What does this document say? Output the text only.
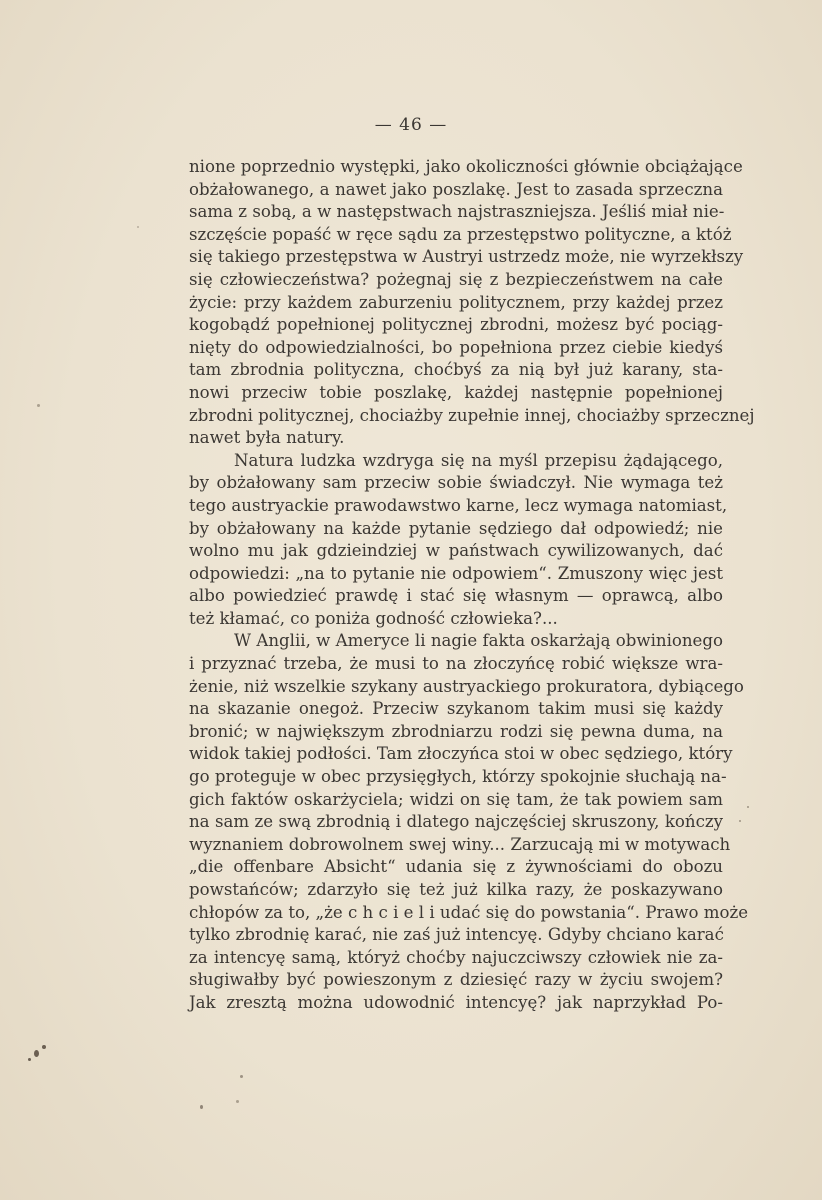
— 46 —
nione poprzednio występki, jako okoliczności głównie obciążające
obżałowanego, a nawet jako poszlakę. Jest to zasada sprzeczna
sama z sobą, a w następstwach najstraszniejsza. Jeśliś miał nie-
szczęście popaść w ręce sądu za przestępstwo polityczne, a któż
się takiego przestępstwa w Austryi ustrzedz może, nie wyrzekłszy
się człowieczeństwa? pożegnaj się z bezpieczeństwem na całe
życie: przy każdem zaburzeniu politycznem, przy każdej przez
kogobądź popełnionej politycznej zbrodni, możesz być pociąg-
nięty do odpowiedzialności, bo popełniona przez ciebie kiedyś
tam zbrodnia polityczna, choćbyś za nią był już karany, sta-
nowi przeciw tobie poszlakę, każdej następnie popełnionej
zbrodni politycznej, chociażby zupełnie innej, chociażby sprzecznej
nawet była natury.
Natura ludzka wzdryga się na myśl przepisu żądającego,
by obżałowany sam przeciw sobie świadczył. Nie wymaga też
tego austryackie prawodawstwo karne, lecz wymaga natomiast,
by obżałowany na każde pytanie sędziego dał odpowiedź; nie
wolno mu jak gdzieindziej w państwach cywilizowanych, dać
odpowiedzi: „na to pytanie nie odpowiem“. Zmuszony więc jest
albo powiedzieć prawdę i stać się własnym — oprawcą, albo
też kłamać, co poniża godność człowieka?...
W Anglii, w Ameryce li nagie fakta oskarżają obwinionego
i przyznać trzeba, że musi to na złoczyńcę robić większe wra-
żenie, niż wszelkie szykany austryackiego prokuratora, dybiącego
na skazanie onegoż. Przeciw szykanom takim musi się każdy
bronić; w największym zbrodniarzu rodzi się pewna duma, na
widok takiej podłości. Tam złoczyńca stoi w obec sędziego, który
go proteguje w obec przysięgłych, którzy spokojnie słuchają na-
gich faktów oskarżyciela; widzi on się tam, że tak powiem sam
na sam ze swą zbrodnią i dlatego najczęściej skruszony, kończy
wyznaniem dobrowolnem swej winy... Zarzucają mi w motywach
„die offenbare Absicht“ udania się z żywnościami do obozu
powstańców; zdarzyło się też już kilka razy, że poskazywano
chłopów za to, „że c h c i e l i udać się do powstania“. Prawo może
tylko zbrodnię karać, nie zaś już intencyę. Gdyby chciano karać
za intencyę samą, któryż choćby najuczciwszy człowiek nie za-
sługiwałby być powieszonym z dziesięć razy w życiu swojem?
Jak zresztą można udowodnić intencyę? jak naprzykład Po-
